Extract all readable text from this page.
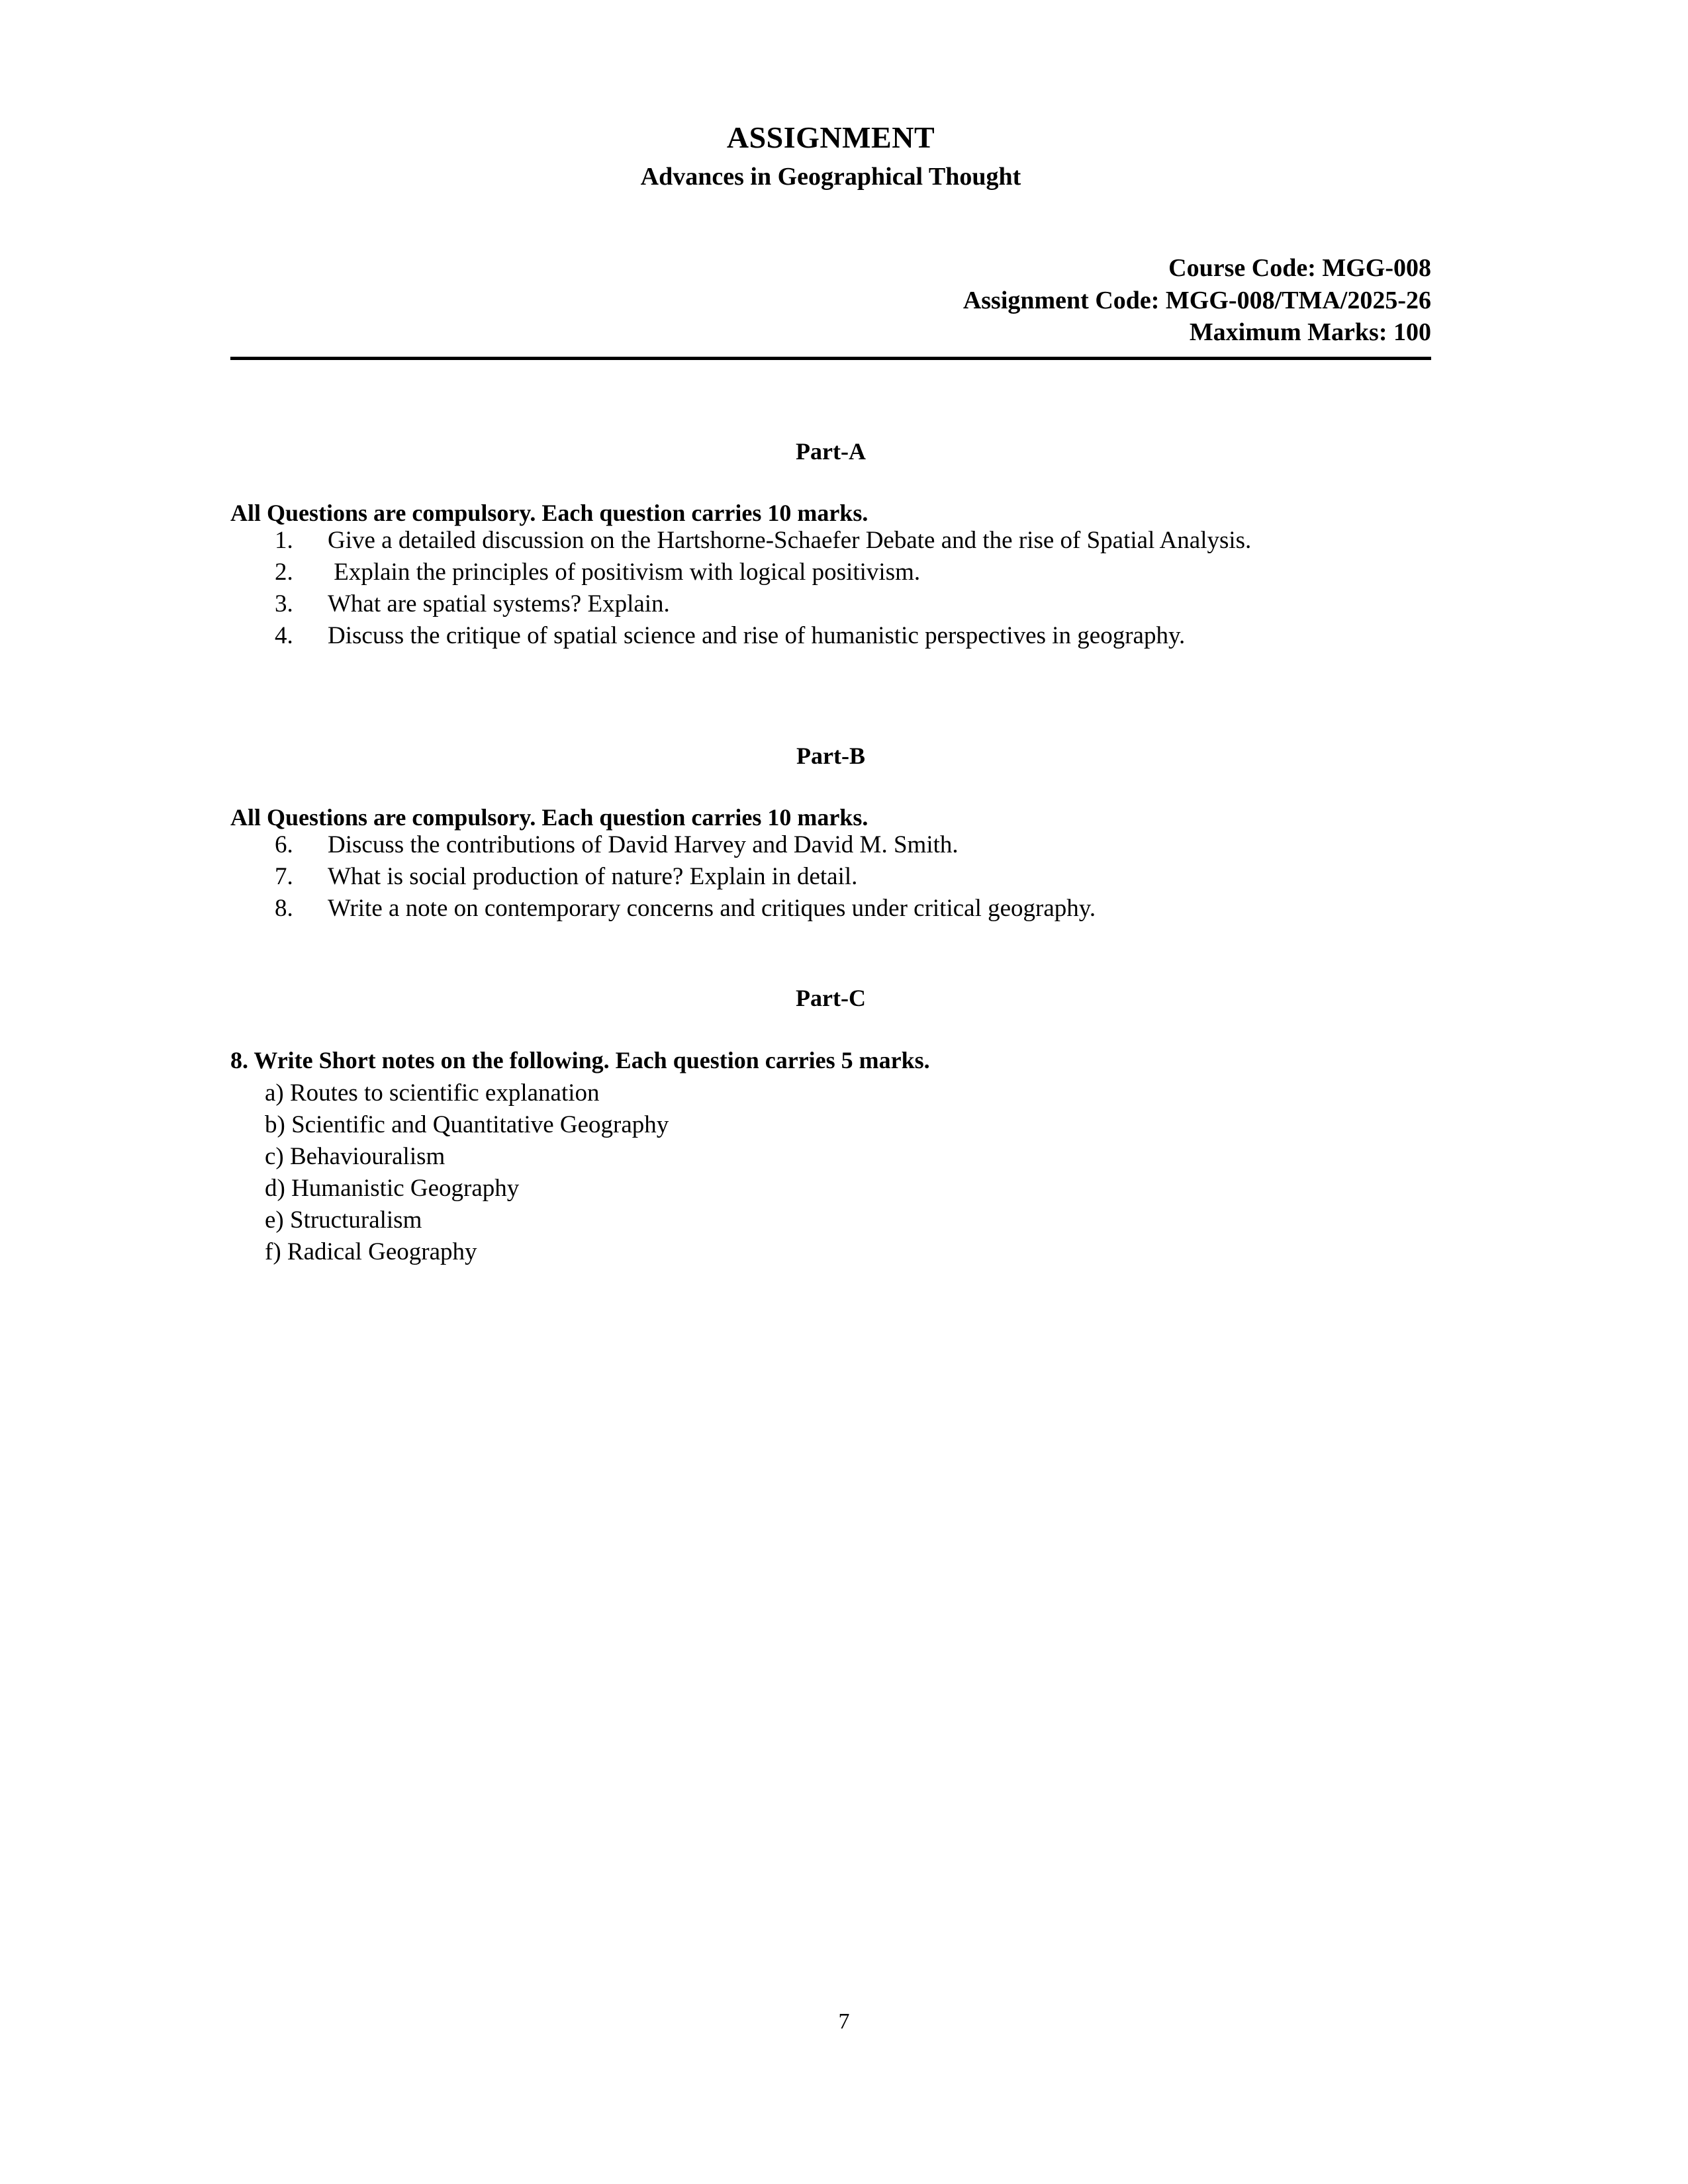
ASSIGNMENT
Advances in Geographical Thought
Course Code: MGG-008
Assignment Code: MGG-008/TMA/2025-26
Maximum Marks: 100
Part-A
All Questions are compulsory. Each question carries 10 marks.
1.	Give a detailed discussion on the Hartshorne-Schaefer Debate and the rise of Spatial Analysis.
2.	Explain the principles of positivism with logical positivism.
3.	What are spatial systems? Explain.
4.	Discuss the critique of spatial science and rise of humanistic perspectives in geography.
Part-B
All Questions are compulsory. Each question carries 10 marks.
6.	Discuss the contributions of David Harvey and David M. Smith.
7.	What is social production of nature? Explain in detail.
8.	Write a note on contemporary concerns and critiques under critical geography.
Part-C
8. Write Short notes on the following. Each question carries 5 marks.
a) Routes to scientific explanation
b) Scientific and Quantitative Geography
c) Behaviouralism
d) Humanistic Geography
e) Structuralism
f) Radical Geography
7
